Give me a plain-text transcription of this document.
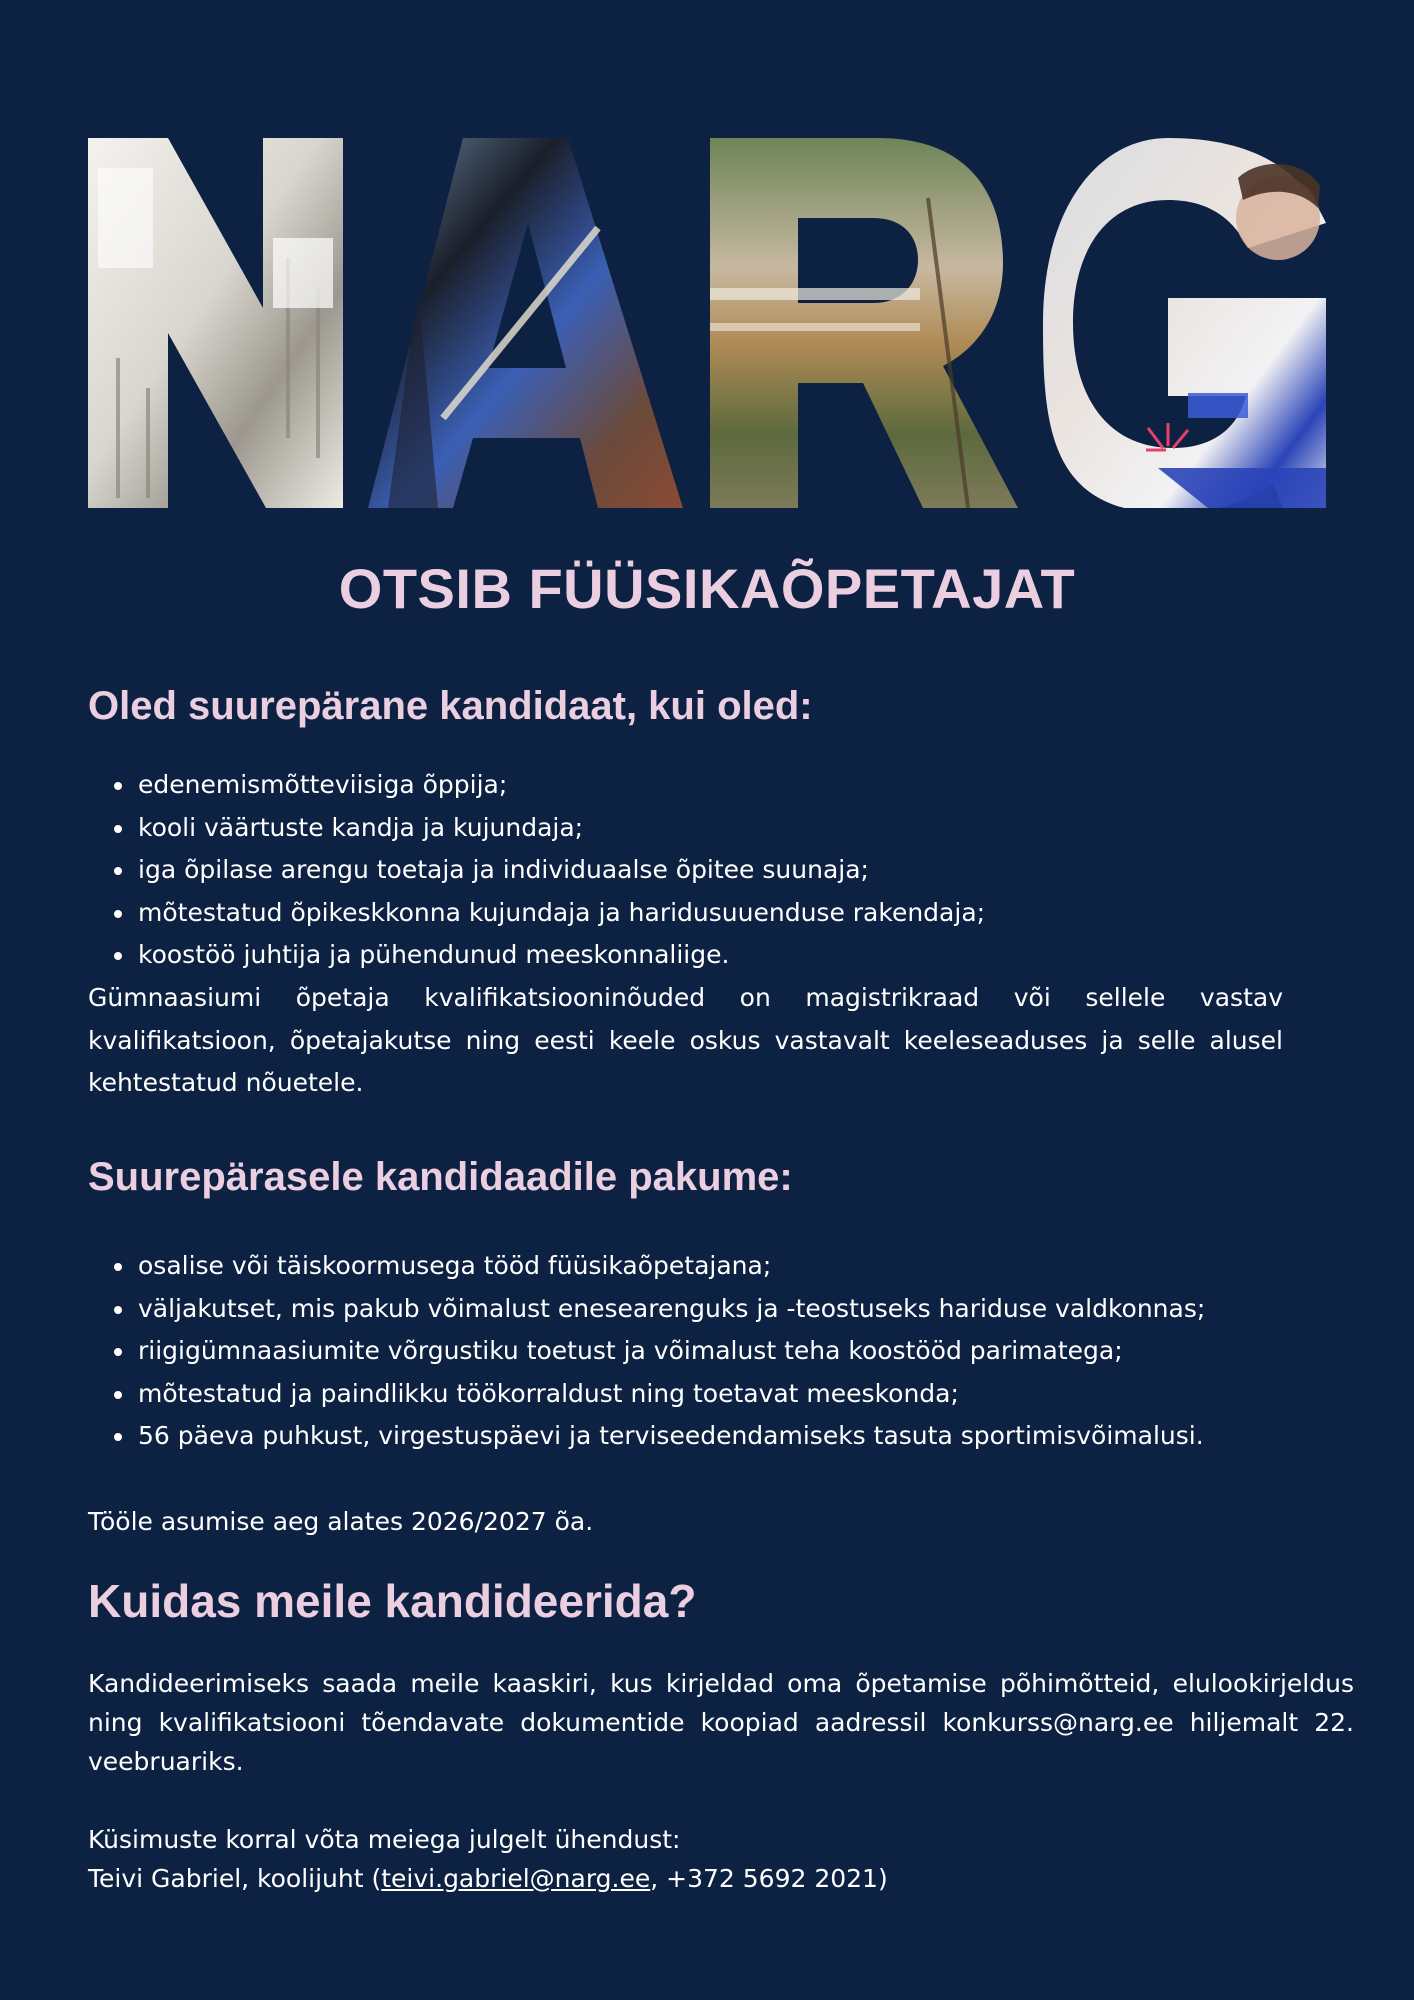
OTSIB FÜÜSIKAÕPETAJAT
Oled suurepärane kandidaat, kui oled:
• edenemismõtteviisiga õppija;
• kooli väärtuste kandja ja kujundaja;
• iga õpilase arengu toetaja ja individuaalse õpitee suunaja;
• mõtestatud õpikeskkonna kujundaja ja haridusuuenduse rakendaja;
• koostöö juhtija ja pühendunud meeskonnaliige.

Gümnaasiumi õpetaja kvalifikatsiooninõuded on magistrikraad või sellele vastav kvalifikatsioon, õpetajakutse ning eesti keele oskus vastavalt keeleseaduses ja selle alusel kehtestatud nõuetele.

Suurepärasele kandidaadile pakume:
• osalise või täiskoormusega tööd füüsikaõpetajana;
• väljakutset, mis pakub võimalust enesearenguks ja -teostuseks hariduse valdkonnas;
• riigigümnaasiumite võrgustiku toetust ja võimalust teha koostööd parimatega;
• mõtestatud ja paindlikku töökorraldust ning toetavat meeskonda;
• 56 päeva puhkust, virgestuspäevi ja terviseedendamiseks tasuta sportimisvõimalusi.

Tööle asumise aeg alates 2026/2027 õa.

Kuidas meile kandideerida?

Kandideerimiseks saada meile kaaskiri, kus kirjeldad oma õpetamise põhimõtteid, elulookirjeldus ning kvalifikatsiooni tõendavate dokumentide koopiad aadressil konkurss@narg.ee hiljemalt 22. veebruariks.

Küsimuste korral võta meiega julgelt ühendust:

Teivi Gabriel, koolijuht (teivi.gabriel@narg.ee, +372 5692 2021)
